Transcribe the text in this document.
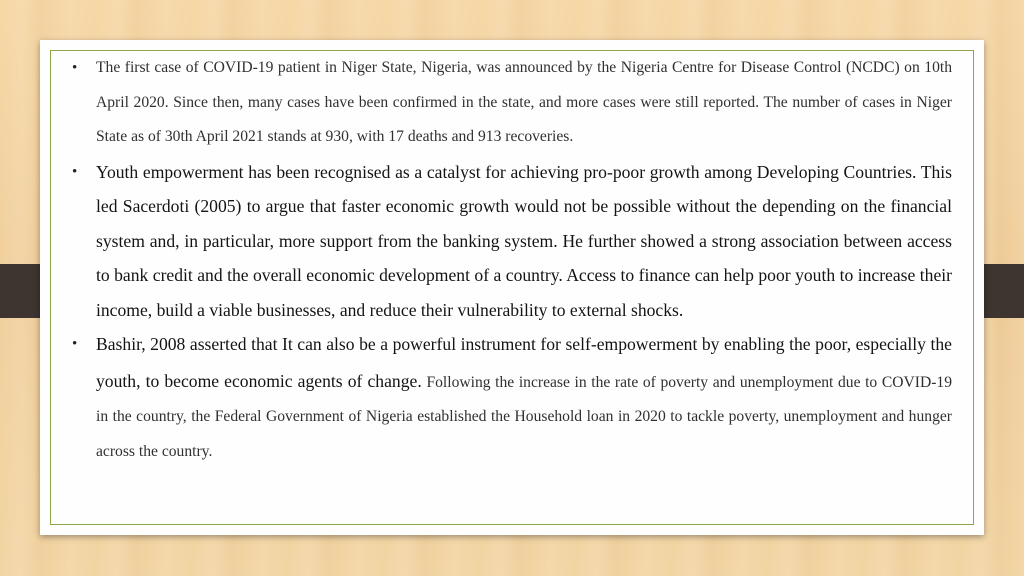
• The first case of COVID-19 patient in Niger State, Nigeria, was announced by the Nigeria Centre for Disease Control (NCDC) on 10th April 2020. Since then, many cases have been confirmed in the state, and more cases were still reported. The number of cases in Niger State as of 30th April 2021 stands at 930, with 17 deaths and 913 recoveries.
• Youth empowerment has been recognised as a catalyst for achieving pro-poor growth among Developing Countries. This led Sacerdoti (2005) to argue that faster economic growth would not be possible without the depending on the financial system and, in particular, more support from the banking system. He further showed a strong association between access to bank credit and the overall economic development of a country. Access to finance can help poor youth to increase their income, build a viable businesses, and reduce their vulnerability to external shocks.
• Bashir, 2008 asserted that It can also be a powerful instrument for self-empowerment by enabling the poor, especially the youth, to become economic agents of change. Following the increase in the rate of poverty and unemployment due to COVID-19 in the country, the Federal Government of Nigeria established the Household loan in 2020 to tackle poverty, unemployment and hunger across the country.
